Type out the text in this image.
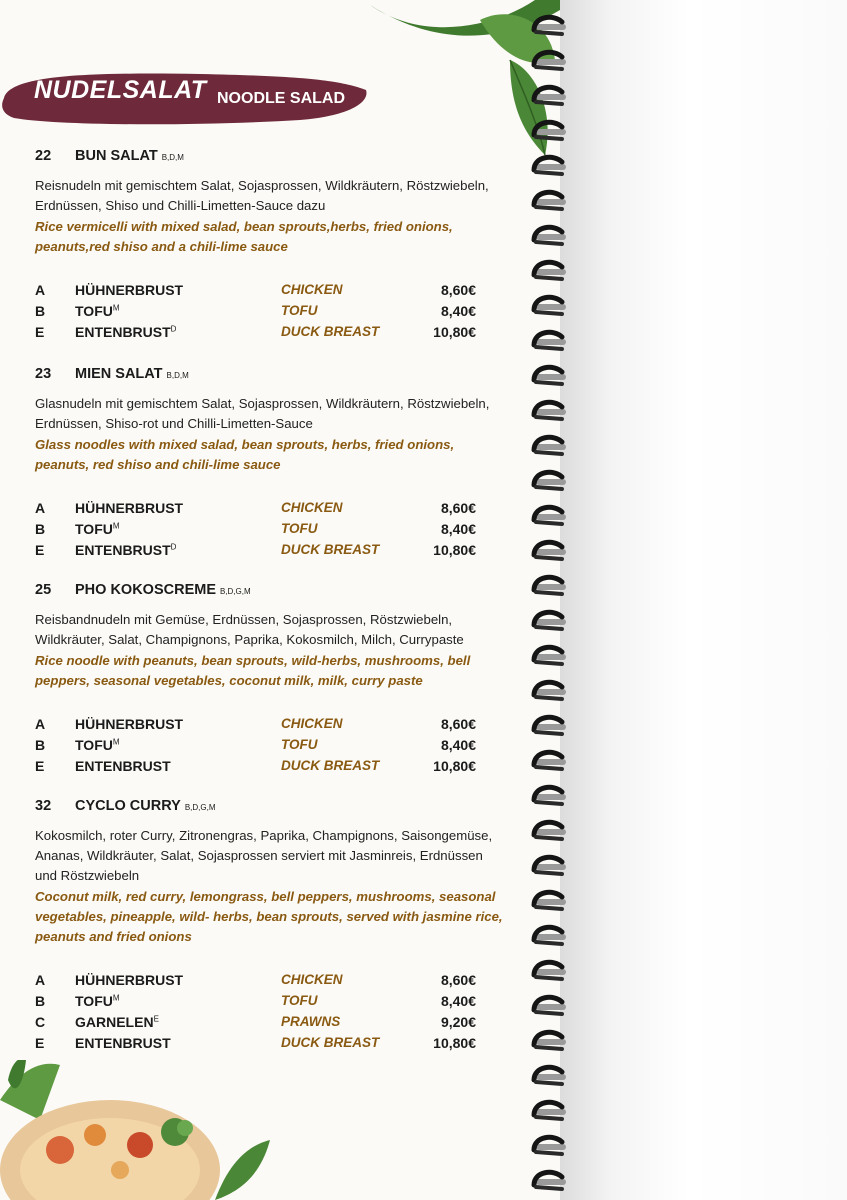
NUDELSALAT NOODLE SALAD
22	BUN SALAT B,D,M
Reisnudeln mit gemischtem Salat, Sojasprossen, Wildkräutern, Röstzwiebeln, Erdnüssen, Shiso und Chilli-Limetten-Sauce dazu
Rice vermicelli with mixed salad, bean sprouts,herbs, fried onions, peanuts,red shiso and a chili-lime sauce
A	HÜHNERBRUST	CHICKEN	8,60€
B	$TOFU^M$	TOFU	8,40€
E	$ENTENBRUST^D$	DUCK BREAST	10,80€
23	MIEN SALAT B,D,M
Glasnudeln mit gemischtem Salat, Sojasprossen, Wildkräutern, Röstzwiebeln, Erdnüssen, Shiso-rot und Chilli-Limetten-Sauce
Glass noodles with mixed salad, bean sprouts, herbs, fried onions, peanuts, red shiso and chili-lime sauce
A	HÜHNERBRUST	CHICKEN	8,60€
B	$TOFU^M$	TOFU	8,40€
E	$ENTENBRUST^D$	DUCK BREAST	10,80€
25	PHO KOKOSCREME B,D,G,M
Reisbandnudeln mit Gemüse, Erdnüssen, Sojasprossen, Röstzwiebeln, Wildkräuter, Salat, Champignons, Paprika, Kokosmilch, Milch, Currypaste
Rice noodle with peanuts, bean sprouts, wild-herbs, mushrooms, bell peppers, seasonal vegetables, coconut milk, milk, curry paste
A	HÜHNERBRUST	CHICKEN	8,60€
B	$TOFU^M$	TOFU	8,40€
E	ENTENBRUST	DUCK BREAST	10,80€
32	CYCLO CURRY B,D,G,M
Kokosmilch, roter Curry, Zitronengras, Paprika, Champignons, Saisongemüse, Ananas, Wildkräuter, Salat, Sojasprossen serviert mit Jasminreis, Erdnüssen und Röstzwiebeln
Coconut milk, red curry, lemongrass, bell peppers, mushrooms, seasonal vegetables, pineapple, wild- herbs, bean sprouts, served with jasmine rice, peanuts and fried onions
A	HÜHNERBRUST	CHICKEN	8,60€
B	$TOFU^M$	TOFU	8,40€
C	$GARNELEN^E$	PRAWNS	9,20€
E	ENTENBRUST	DUCK BREAST	10,80€
